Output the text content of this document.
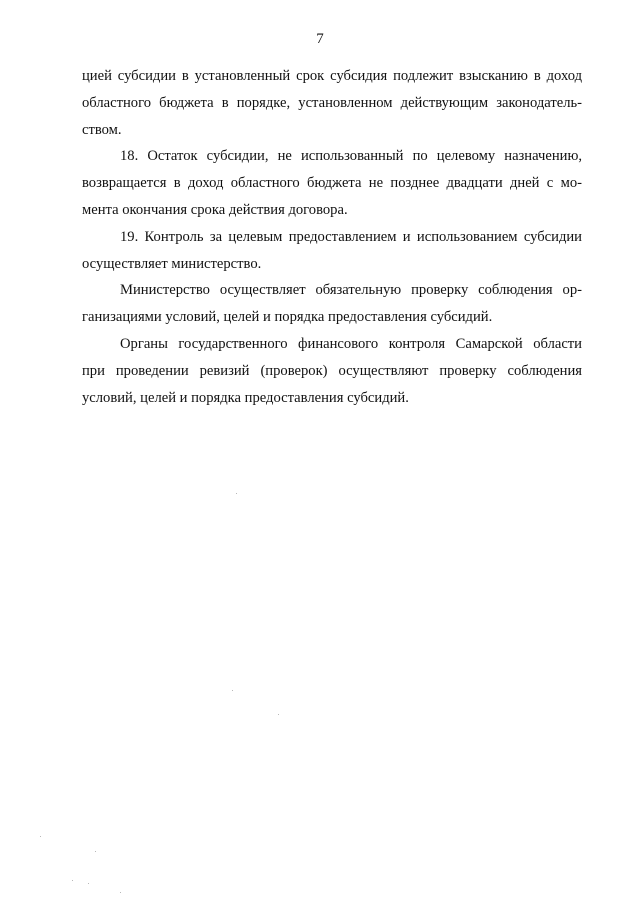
7

цией субсидии в установленный срок субсидия подлежит взысканию в доход
областного бюджета в порядке, установленном действующим законодатель-
ством.

18. Остаток субсидии, не использованный по целевому назначению,
возвращается в доход областного бюджета не позднее двадцати дней с мо-
мента окончания срока действия договора.

19. Контроль за целевым предоставлением и использованием субсидии
осуществляет министерство.

Министерство осуществляет обязательную проверку соблюдения ор-
ганизациями условий, целей и порядка предоставления субсидий.

Органы государственного финансового контроля Самарской области
при проведении ревизий (проверок) осуществляют проверку соблюдения
условий, целей и порядка предоставления субсидий.
